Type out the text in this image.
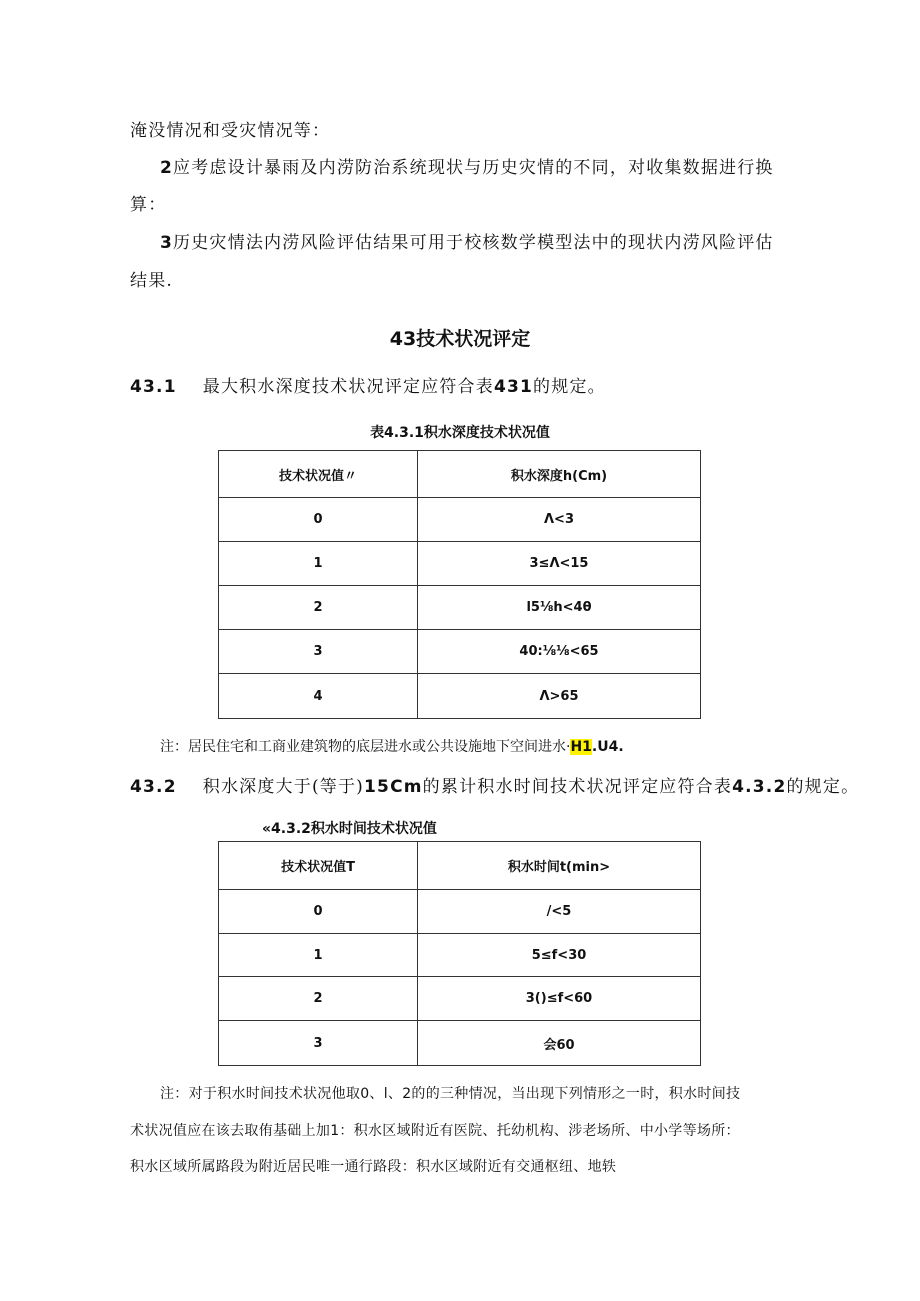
淹没情况和受灾情况等：
2应考虑设计暴雨及内涝防治系统现状与历史灾情的不同，对收集数据进行换
算：
3历史灾情法内涝风险评估结果可用于校核数学模型法中的现状内涝风险评估
结果.
43技术状况评定
43.1 最大积水深度技术状况评定应符合表431的规定。
表4.3.1积水深度技术状况值
技术状况值〃	积水深度h(Cm)
0	Λ<3
1	3≤Λ<15
2	l5⅛h<4θ
3	40:⅛⅛<65
4	Λ>65
注：居民住宅和工商业建筑物的底层进水或公共设施地下空间进水·H1.U4.
43.2 积水深度大于(等于)15Cm的累计积水时间技术状况评定应符合表4.3.2的规定。
«4.3.2积水时间技术状况值
技术状况值T	积水时间t(min>
0	/<5
1	5≤f<30
2	3()≤f<60
3	会60
注：对于积水时间技术状况他取0、l、2的的三种情况，当出现下列情形之一时，积水时间技
术状况值应在该去取侑基础上加1：积水区域附近有医院、托幼机构、涉老场所、中小学等场所：
积水区域所属路段为附近居民唯一通行路段：积水区域附近有交通枢纽、地轶
